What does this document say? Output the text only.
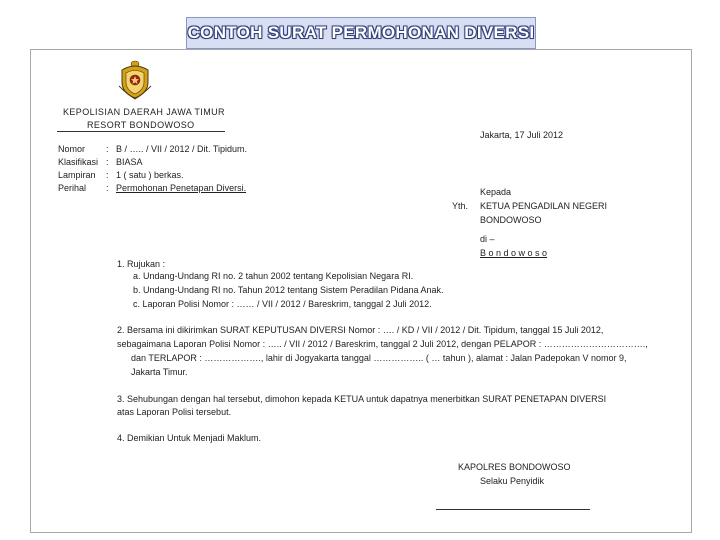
CONTOH SURAT PERMOHONAN DIVERSI
KEPOLISIAN DAERAH JAWA TIMUR
RESORT BONDOWOSO
Jakarta, 17 Juli 2012
Nomor : B / ….. / VII / 2012 / Dit. Tipidum.
Klasifikasi : BIASA
Lampiran : 1 ( satu ) berkas.
Perihal : Permohonan Penetapan Diversi.	Kepada
Yth. KETUA PENGADILAN NEGERI
BONDOWOSO
di –
B o n d o w o s o
1. Rujukan :
a. Undang-Undang RI no. 2 tahun 2002 tentang Kepolisian Negara RI.
b. Undang-Undang RI no. Tahun 2012 tentang Sistem Peradilan Pidana Anak.
c. Laporan Polisi Nomor : …… / VII / 2012 / Bareskrim, tanggal 2 Juli 2012.
2. Bersama ini dikirimkan SURAT KEPUTUSAN DIVERSI Nomor : …. / KD / VII / 2012 / Dit. Tipidum, tanggal 15 Juli 2012,
sebagaimana Laporan Polisi Nomor : ….. / VII / 2012 / Bareskrim, tanggal 2 Juli 2012, dengan PELAPOR : …………………………….,
dan TERLAPOR : ………………., lahir di Jogyakarta tanggal …………….. ( … tahun ), alamat : Jalan Padepokan V nomor 9,
Jakarta Timur.
3. Sehubungan dengan hal tersebut, dimohon kepada KETUA untuk dapatnya menerbitkan SURAT PENETAPAN DIVERSI
atas Laporan Polisi tersebut.
4. Demikian Untuk Menjadi Maklum.
KAPOLRES BONDOWOSO
Selaku Penyidik
